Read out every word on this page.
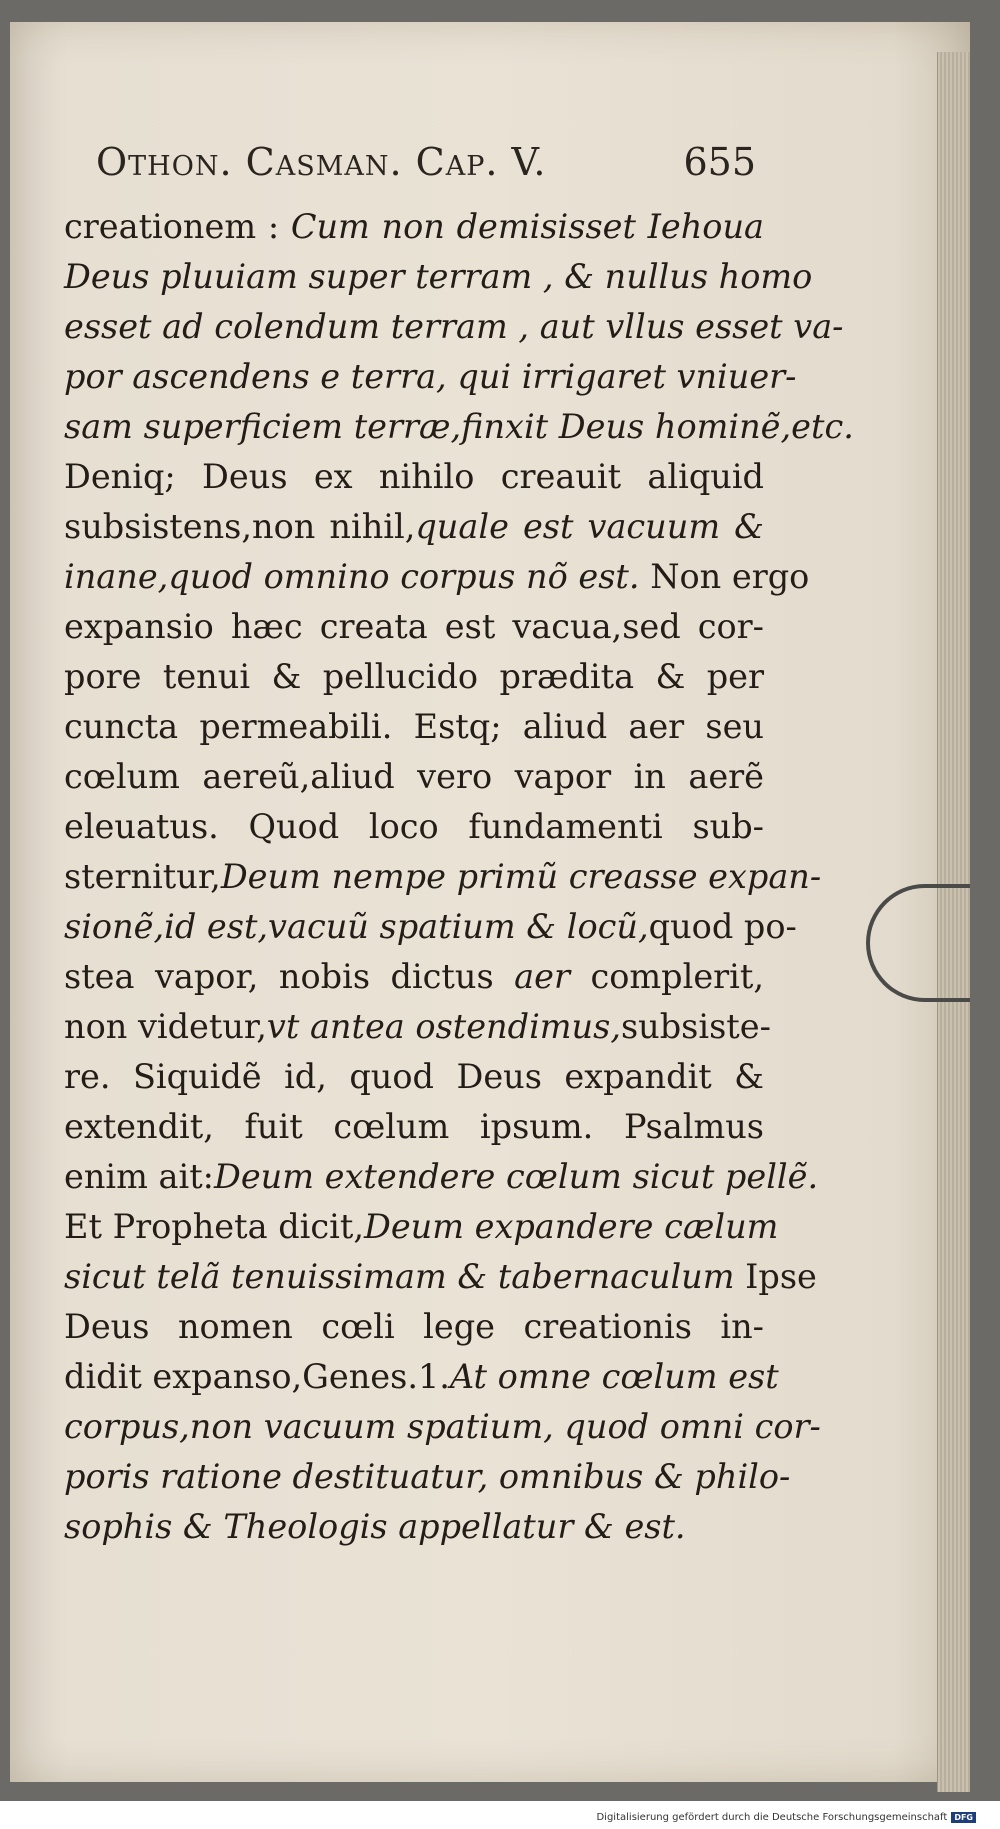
Othon. Casman. Cap. V.	655
creationem : Cum non demisisset Iehoua
Deus pluuiam super terram , & nullus homo
esset ad colendum terram , aut vllus esset va-
por ascendens e terra, qui irrigaret vniuer-
sam superficiem terræ,finxit Deus hominẽ,etc.
Deniq; Deus ex nihilo creauit aliquid
subsistens,non nihil,quale est vacuum &
inane,quod omnino corpus nõ est. Non ergo
expansio hæc creata est vacua,sed cor-
pore tenui & pellucido prædita & per
cuncta permeabili. Estq; aliud aer seu
cœlum aereũ,aliud vero vapor in aerẽ
eleuatus. Quod loco fundamenti sub-
sternitur,Deum nempe primũ creasse expan-
sionẽ,id est,vacuũ spatium & locũ,quod po-
stea vapor, nobis dictus aer complerit,
non videtur,vt antea ostendimus,subsiste-
re. Siquidẽ id, quod Deus expandit &
extendit, fuit cœlum ipsum. Psalmus
enim ait:Deum extendere cœlum sicut pellẽ.
Et Propheta dicit,Deum expandere cælum
sicut telã tenuissimam & tabernaculum Ipse
Deus nomen cœli lege creationis in-
didit expanso,Genes.1.At omne cœlum est
corpus,non vacuum spatium, quod omni cor-
poris ratione destituatur, omnibus & philo-
sophis & Theologis appellatur & est.
Digitalisierung gefördert durch die Deutsche Forschungsgemeinschaft DFG
